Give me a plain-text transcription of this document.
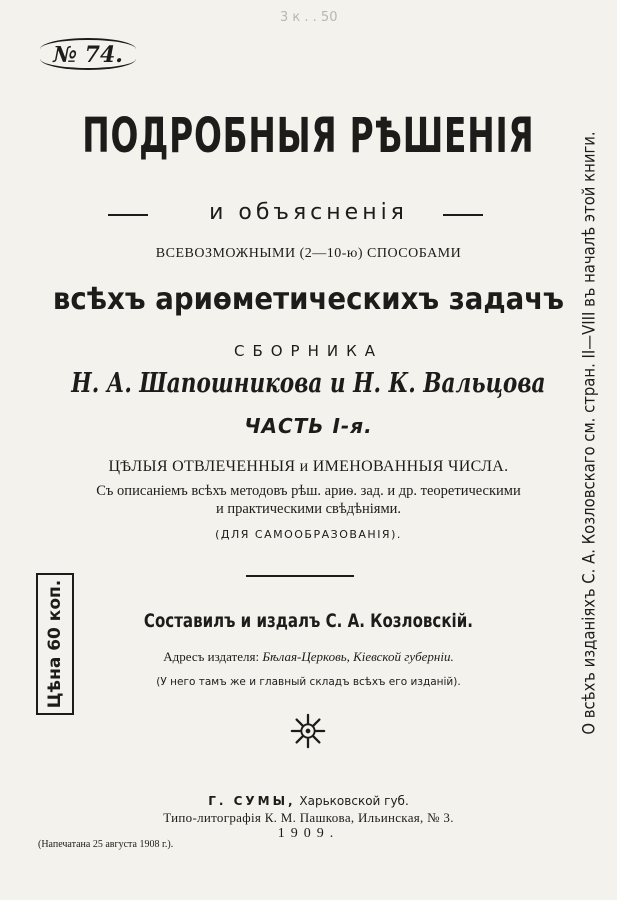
3 к . . 50
№ 74.
ПОДРОБНЫЯ РѢШЕНІЯ
и объясненія
ВСЕВОЗМОЖНЫМИ (2—10-ю) СПОСОБАМИ
всѣхъ ариѳметическихъ задачъ
СБОРНИКА
Н. А. Шапошникова и Н. К. Вальцова
ЧАСТЬ І-я.
ЦѢЛЫЯ ОТВЛЕЧЕННЫЯ и ИМЕНОВАННЫЯ ЧИСЛА.
Съ описаніемъ всѣхъ методовъ рѣш. ариѳ. зад. и др. теоретическими
и практическими свѣдѣніями.
(ДЛЯ САМООБРАЗОВАНІЯ).
Составилъ и издалъ С. А. Козловскій.
Адресъ издателя: Бѣлая-Церковь, Кіевской губерніи.
(У него тамъ же и главный складъ всѣхъ его изданій).
Г. СУМЫ, Харьковской губ.
Типо-литографія К. М. Пашкова, Ильинская, № 3.
1909.
(Напечатана 25 августа 1908 г.).
Цѣна 60 коп.	О всѣхъ изданіяхъ С. А. Козловскаго см. стран. II—VIII въ началѣ этой книги.
